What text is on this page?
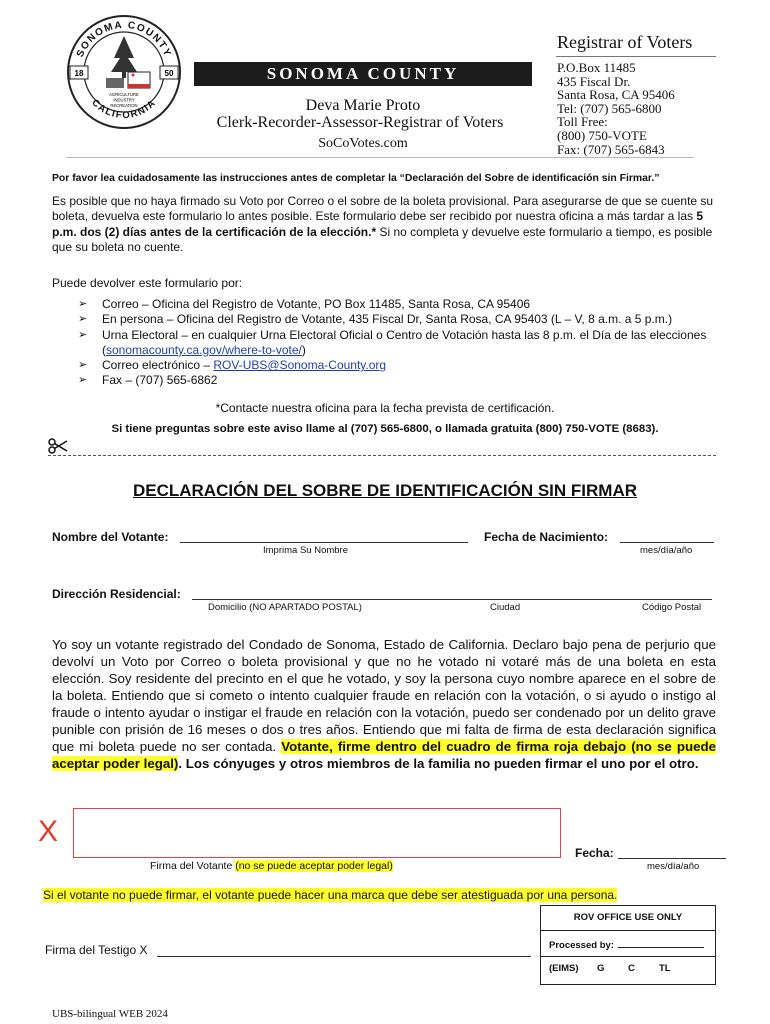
SONOMA COUNTY
CALIFORNIA
18	50
AGRICULTURE
INDUSTRY
RECREATION
SONOMA COUNTY
Deva Marie Proto
Clerk-Recorder-Assessor-Registrar of Voters
SoCoVotes.com
Registrar of Voters
P.O.Box 11485
435 Fiscal Dr.
Santa Rosa, CA 95406
Tel: (707) 565-6800
Toll Free:
(800) 750-VOTE
Fax: (707) 565-6843
Por favor lea cuidadosamente las instrucciones antes de completar la “Declaración del Sobre de identificación sin Firmar.”
Es posible que no haya firmado su Voto por Correo o el sobre de la boleta provisional. Para asegurarse de que se cuente su boleta, devuelva este formulario lo antes posible. Este formulario debe ser recibido por nuestra oficina a más tardar a las 5 p.m. dos (2) días antes de la certificación de la elección.* Si no completa y devuelve este formulario a tiempo, es posible que su boleta no cuente.
Puede devolver este formulario por:
➢ Correo – Oficina del Registro de Votante, PO Box 11485, Santa Rosa, CA 95406
➢ En persona – Oficina del Registro de Votante, 435 Fiscal Dr, Santa Rosa, CA 95403 (L – V, 8 a.m. a 5 p.m.)
➢ Urna Electoral – en cualquier Urna Electoral Oficial o Centro de Votación hasta las 8 p.m. el Día de las elecciones (sonomacounty.ca.gov/where-to-vote/)
➢ Correo electrónico – ROV-UBS@Sonoma-County.org
➢ Fax – (707) 565-6862
*Contacte nuestra oficina para la fecha prevista de certificación.
Si tiene preguntas sobre este aviso llame al (707) 565-6800, o llamada gratuita (800) 750-VOTE (8683).
DECLARACIÓN DEL SOBRE DE IDENTIFICACIÓN SIN FIRMAR
Nombre del Votante:
Imprima Su Nombre
Fecha de Nacimiento:
mes/día/año
Dirección Residencial:
Domicilio (NO APARTADO POSTAL)	Ciudad	Código Postal
Yo soy un votante registrado del Condado de Sonoma, Estado de California. Declaro bajo pena de perjurio que devolví un Voto por Correo o boleta provisional y que no he votado ni votaré más de una boleta en esta elección. Soy residente del precinto en el que he votado, y soy la persona cuyo nombre aparece en el sobre de la boleta. Entiendo que si cometo o intento cualquier fraude en relación con la votación, o si ayudo o instigo al fraude o intento ayudar o instigar el fraude en relación con la votación, puedo ser condenado por un delito grave punible con prisión de 16 meses o dos o tres años. Entiendo que mi falta de firma de esta declaración significa que mi boleta puede no ser contada. Votante, firme dentro del cuadro de firma roja debajo (no se puede aceptar poder legal). Los cónyuges y otros miembros de la familia no pueden firmar el uno por el otro.
X
Firma del Votante (no se puede aceptar poder legal)
Fecha:
mes/día/año
Si el votante no puede firmar, el votante puede hacer una marca que debe ser atestiguada por una persona.
Firma del Testigo X
ROV OFFICE USE ONLY
Processed by:
(EIMS) G C	TL
UBS-bilingual WEB 2024
